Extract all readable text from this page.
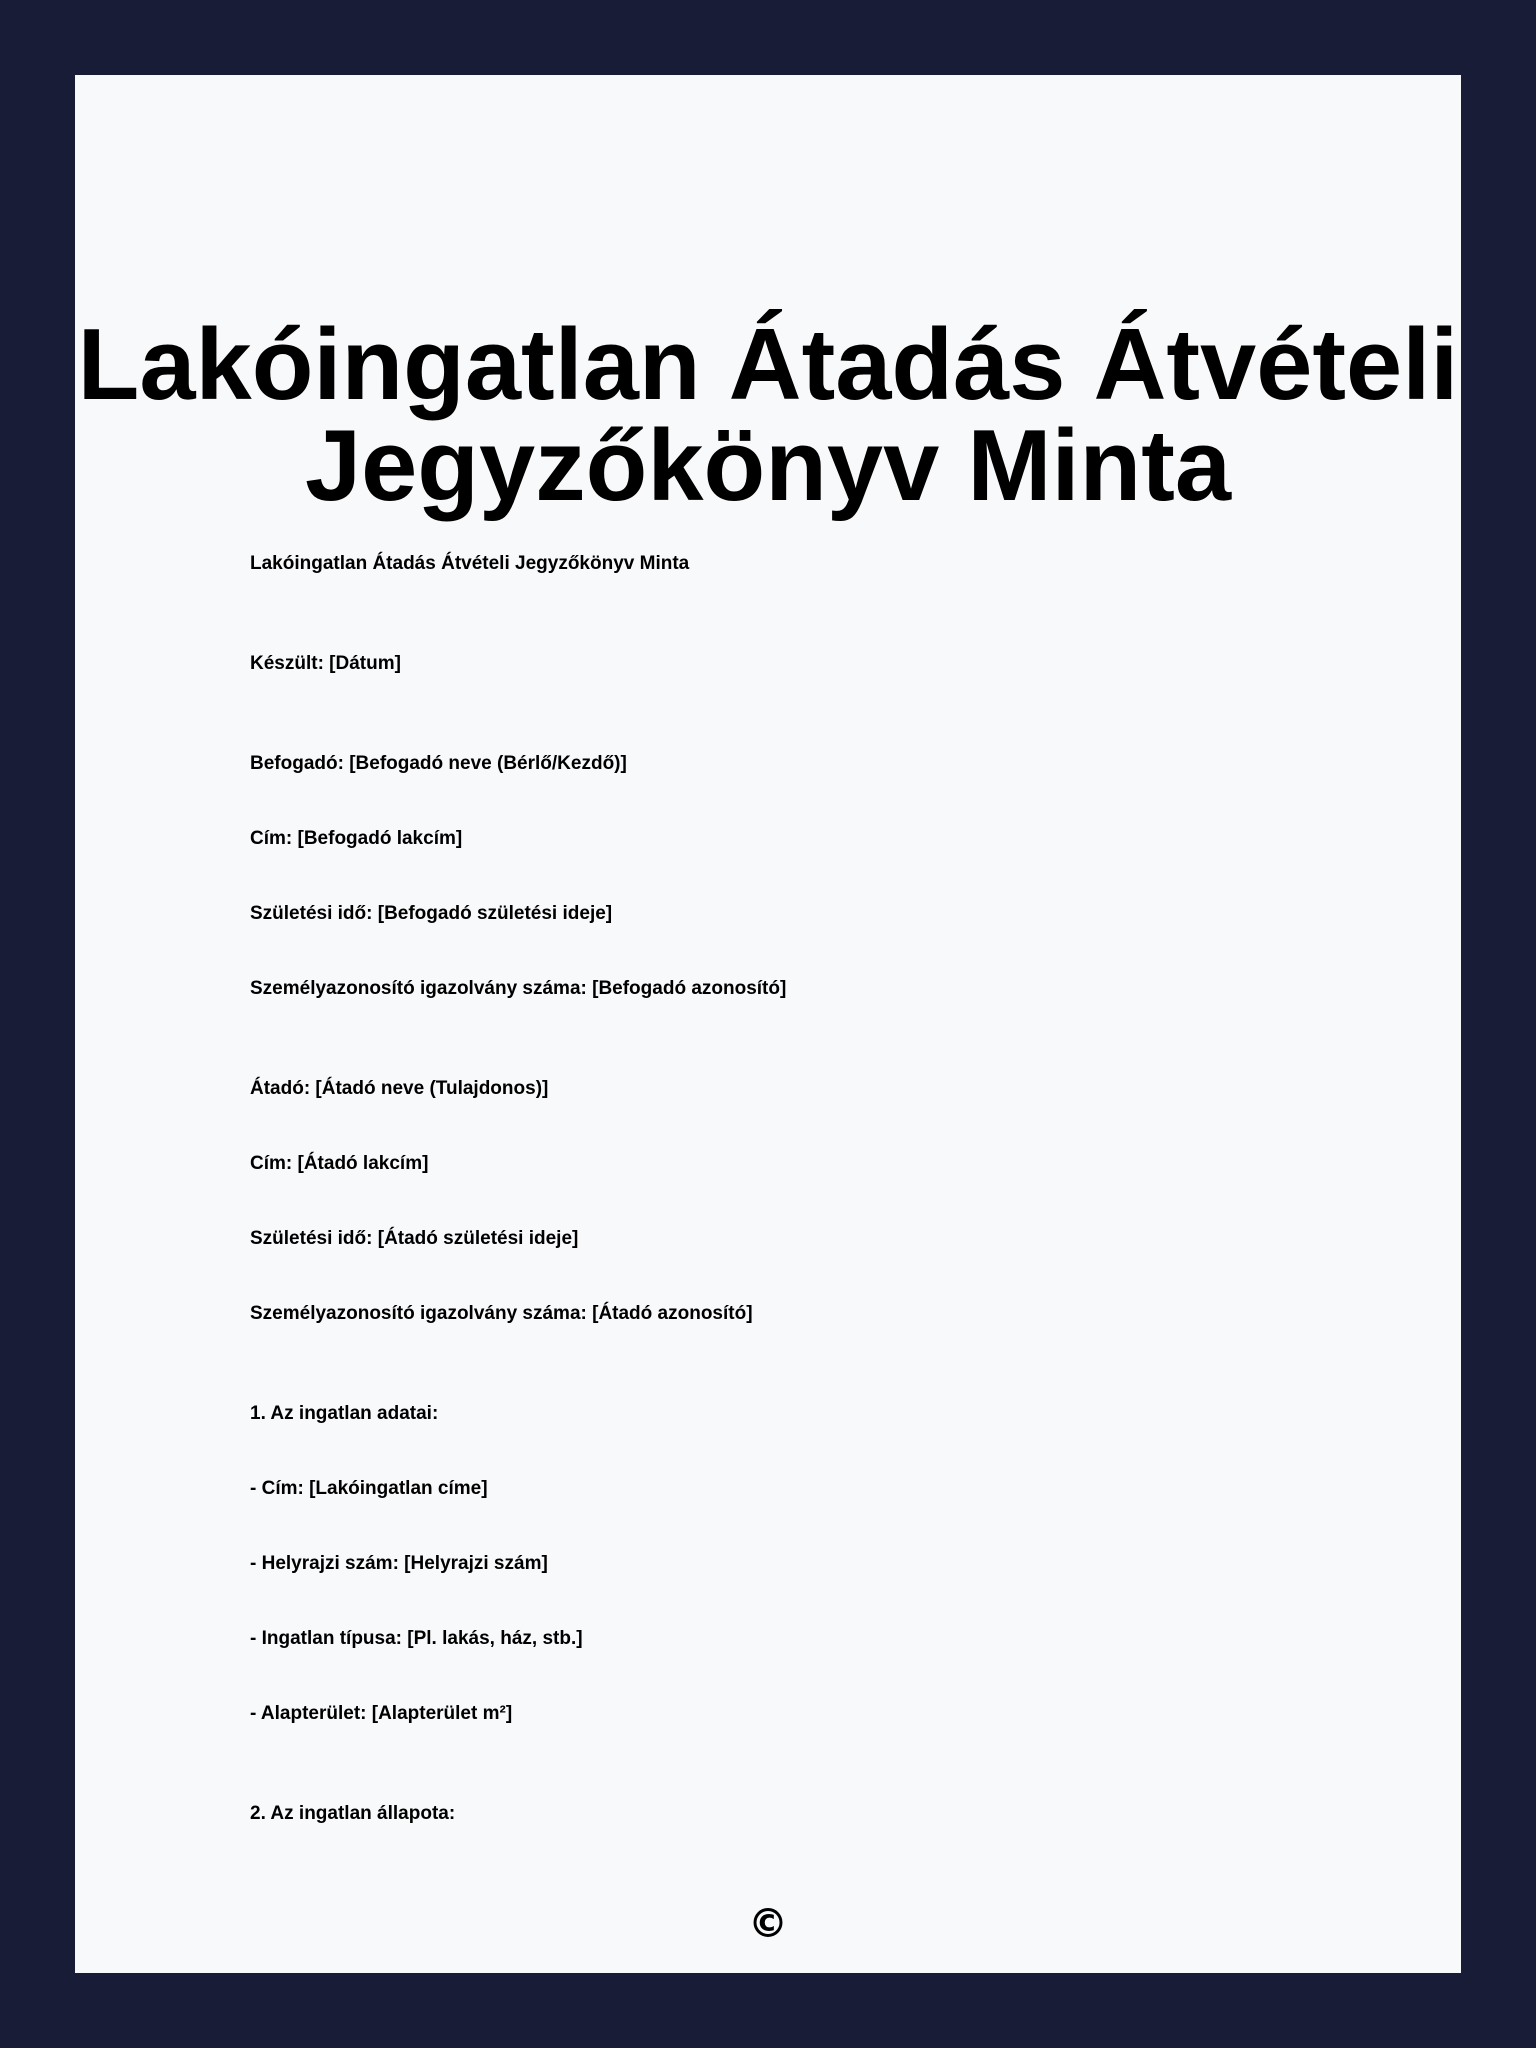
Lakóingatlan Átadás Átvételi Jegyzőkönyv Minta
Lakóingatlan Átadás Átvételi Jegyzőkönyv Minta
Készült: [Dátum]
Befogadó: [Befogadó neve (Bérlő/Kezdő)]
Cím: [Befogadó lakcím]
Születési idő: [Befogadó születési ideje]
Személyazonosító igazolvány száma: [Befogadó azonosító]
Átadó: [Átadó neve (Tulajdonos)]
Cím: [Átadó lakcím]
Születési idő: [Átadó születési ideje]
Személyazonosító igazolvány száma: [Átadó azonosító]
1. Az ingatlan adatai:
- Cím: [Lakóingatlan címe]
- Helyrajzi szám: [Helyrajzi szám]
- Ingatlan típusa: [Pl. lakás, ház, stb.]
- Alapterület: [Alapterület m²]
2. Az ingatlan állapota:
©
